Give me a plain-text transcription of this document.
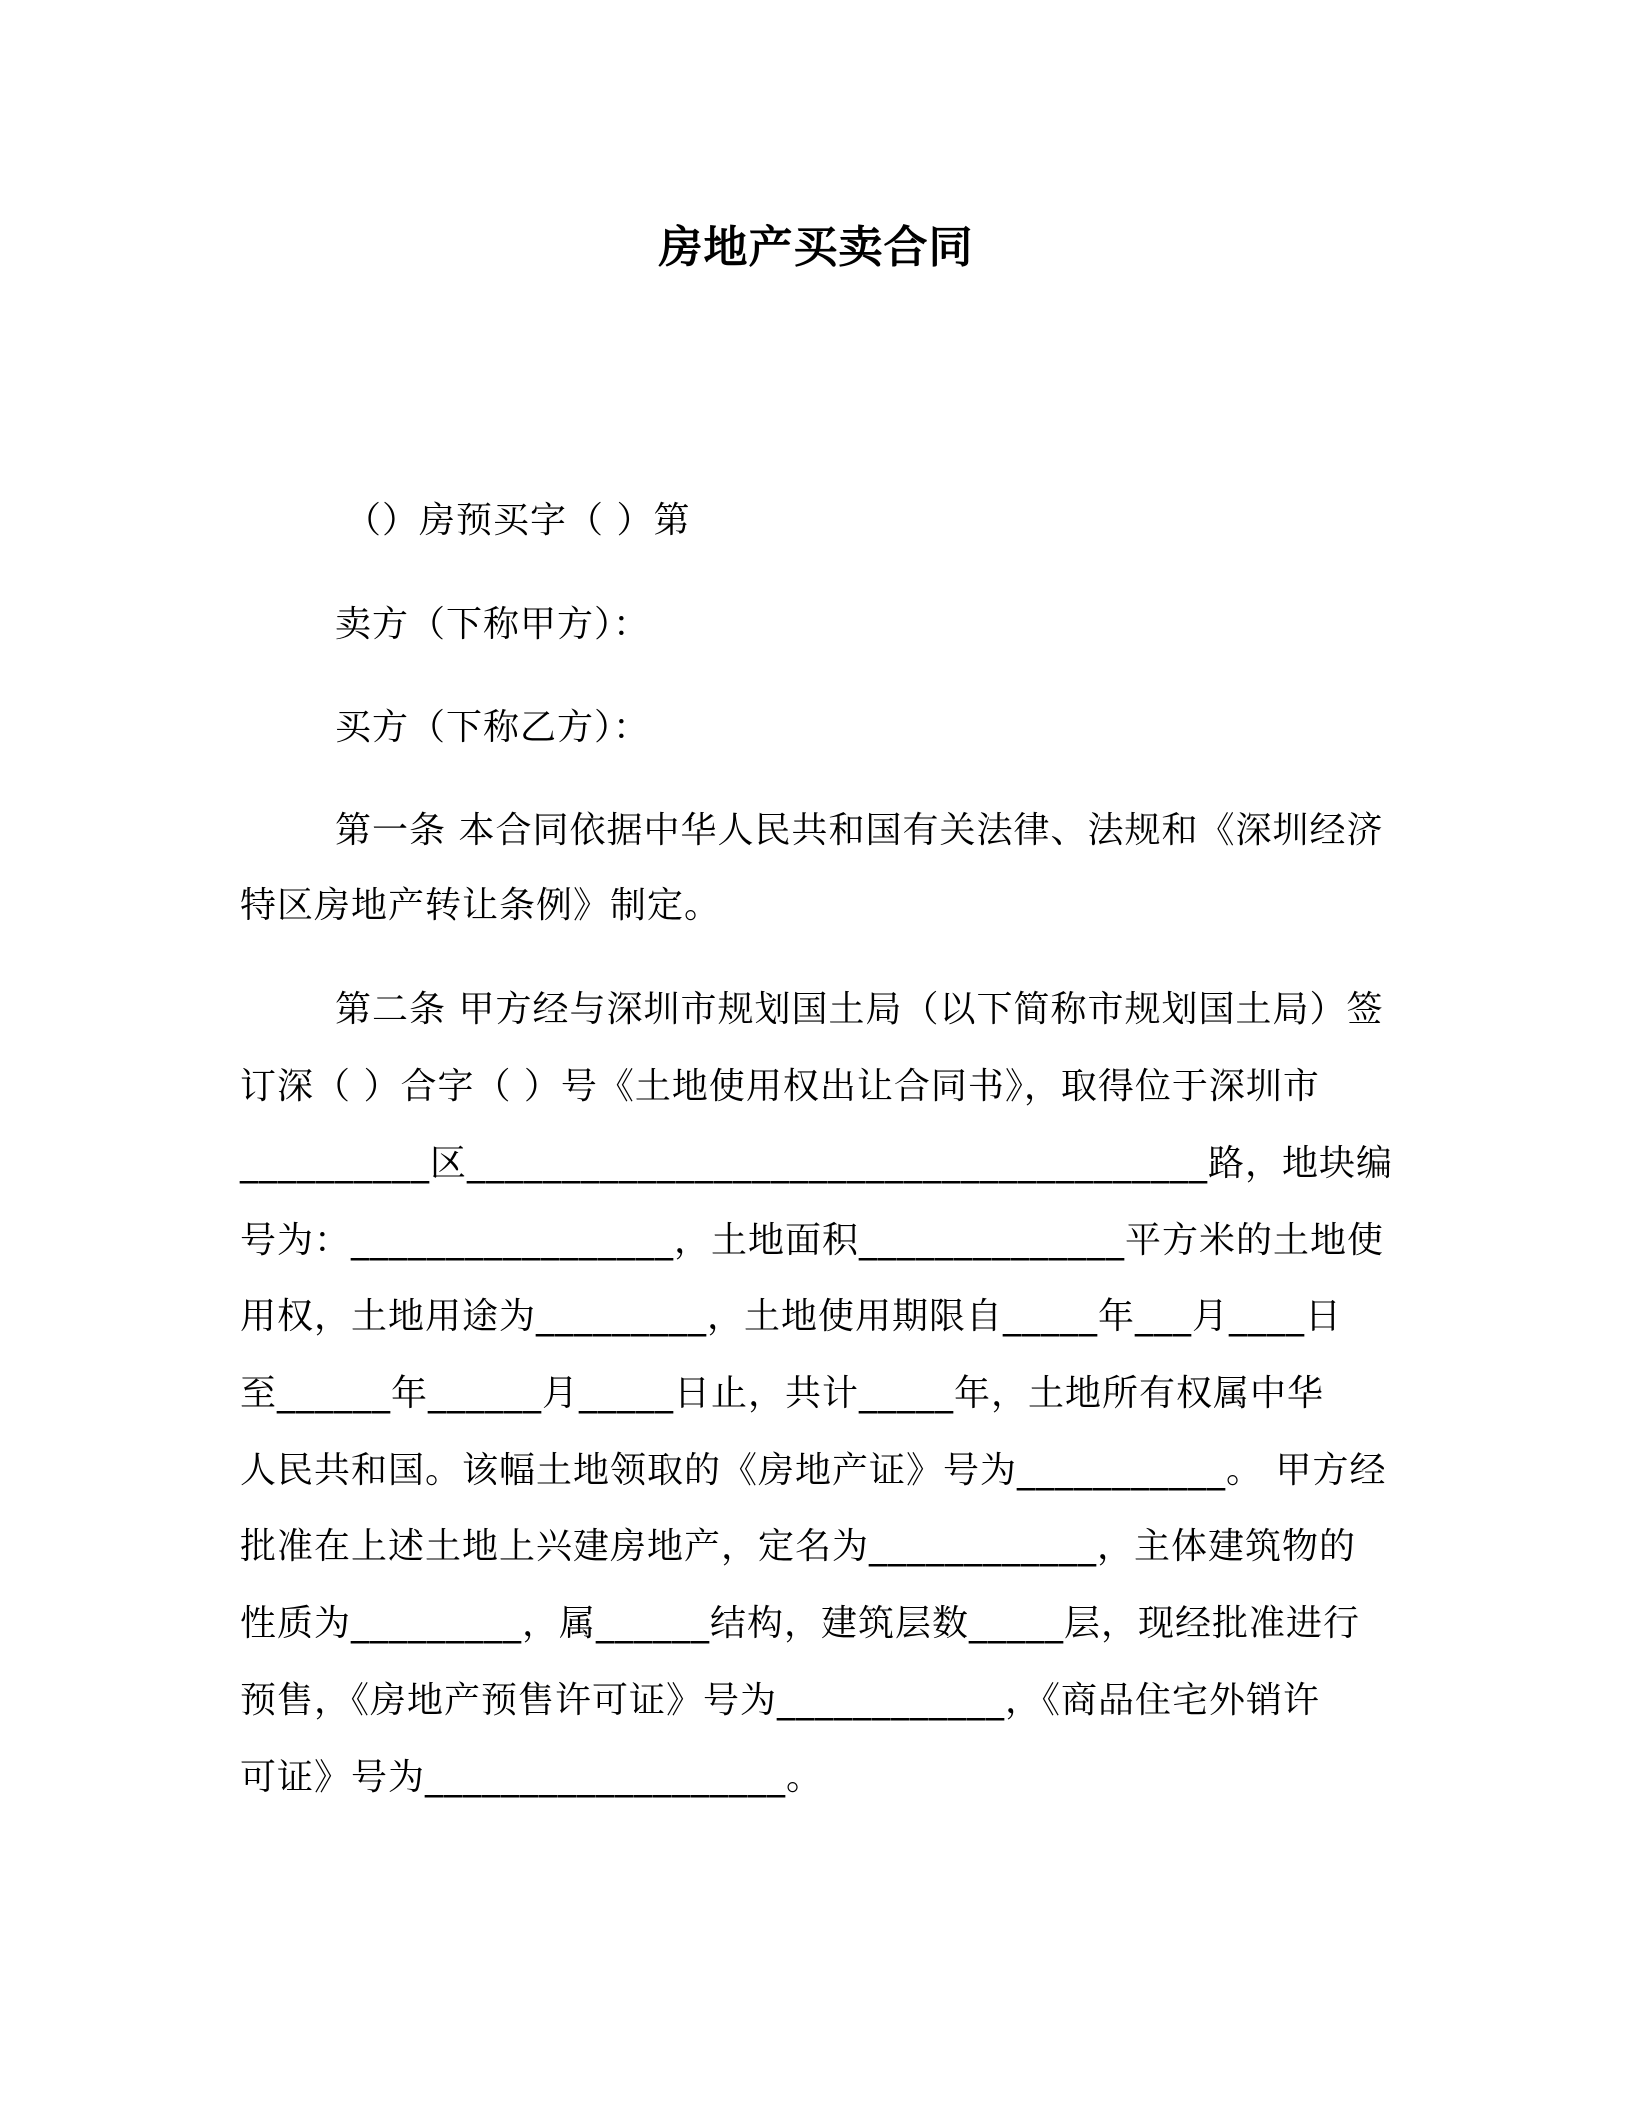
房地产买卖合同
（）房预买字（ ）第
卖方（下称甲方）：
买方（下称乙方）：
第一条 本合同依据中华人民共和国有关法律、法规和《深圳经济
特区房地产转让条例》制定。
第二条 甲方经与深圳市规划国土局（以下简称市规划国土局）签
订深（ ）合字（ ）号《土地使用权出让合同书》，取得位于深圳市
__________区_______________________________________路，地块编
号为：_________________，土地面积______________平方米的土地使
用权，土地用途为_________，土地使用期限自_____年___月____日
至______年______月_____日止，共计_____年，土地所有权属中华
人民共和国。该幅土地领取的《房地产证》号为___________。 甲方经
批准在上述土地上兴建房地产，定名为____________，主体建筑物的
性质为_________，属______结构，建筑层数_____层，现经批准进行
预售，《房地产预售许可证》号为____________，《商品住宅外销许
可证》号为___________________。
